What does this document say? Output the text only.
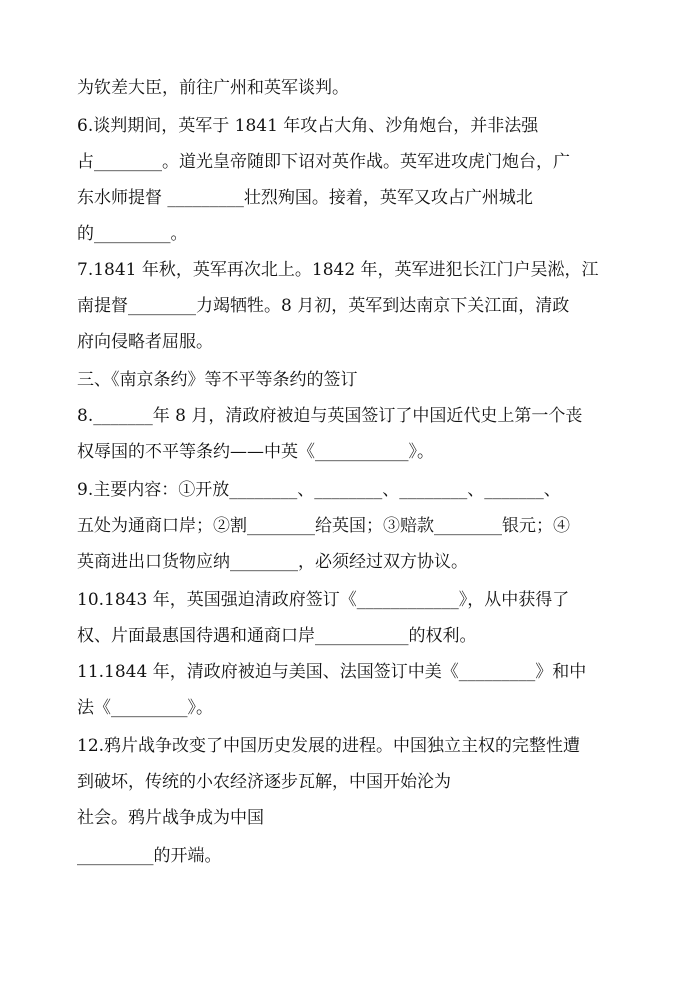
为钦差大臣，前往广州和英军谈判。
6.谈判期间，英军于 1841 年攻占大角、沙角炮台，并非法强
占________。道光皇帝随即下诏对英作战。英军进攻虎门炮台，广
东水师提督 _________壮烈殉国。接着，英军又攻占广州城北
的_________。
7.1841 年秋，英军再次北上。1842 年，英军进犯长江门户吴淞，江
南提督________力竭牺牲。8 月初，英军到达南京下关江面，清政
府向侵略者屈服。
三、《南京条约》等不平等条约的签订
8._______年 8 月，清政府被迫与英国签订了中国近代史上第一个丧
权辱国的不平等条约——中英《___________》。
9.主要内容：①开放________、________、________、_______、
五处为通商口岸；②割________给英国；③赔款________银元；④
英商进出口货物应纳________，必须经过双方协议。
10.1843 年，英国强迫清政府签订《____________》，从中获得了
权、片面最惠国待遇和通商口岸___________的权利。
11.1844 年，清政府被迫与美国、法国签订中美《_________》和中
法《_________》。
12.鸦片战争改变了中国历史发展的进程。中国独立主权的完整性遭
到破坏，传统的小农经济逐步瓦解，中国开始沦为
社会。鸦片战争成为中国
_________的开端。
